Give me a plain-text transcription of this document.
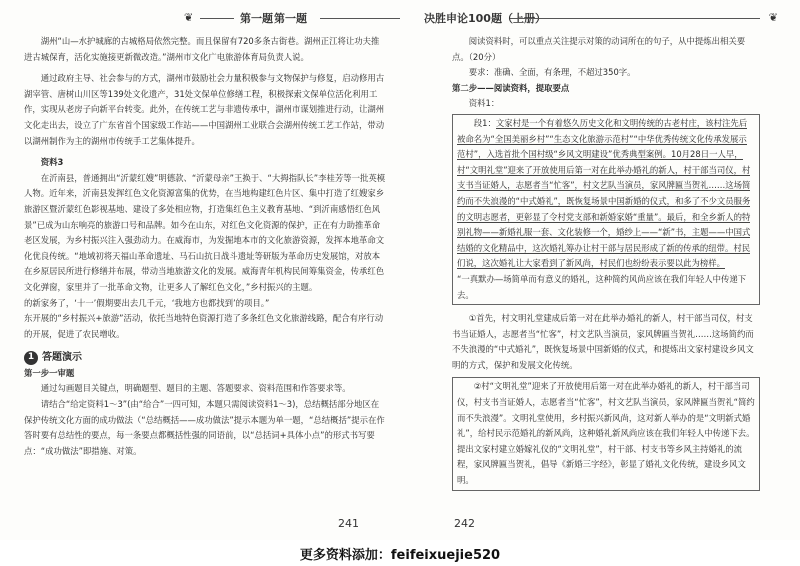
❦	第一题 第一题

湖州“山—水护城廊的古城格局依然完整。而且保留有720多条古街巷。湖州正江将让功夫推进古城保育，活化实施接更新微改造。”湖州市文化广电旅游体育局负责人说。

通过政府主导、社会参与的方式，湖州市鼓励社会力量积极参与文物保护与修复，启动修用古湖宰管、唐树山川区等139处文化遗产，31处文保单位修缮工程，积极探索文保单位活化利用工作，实现从老房子向新平台转变。此外，在传统工艺与非遗传承中，湖州市谋划推进行动，让湖州文化走出去，设立了广东省首个国家级工作站——中国湖州工业联合会湖州传统工艺工作站，带动以湖州制作为主的湖州市传统手工艺集体提升。

资料3

在沂南县，普通拥出“沂蒙红嫂”明德款、“沂蒙母亲”王换于、“大拇指队长”李桂芳等一批英模人物。近年来，沂南县发挥红色文化资源富集的优势，在当地构建红色片区、集中打造了红嫂家乡旅游区暨沂蒙红色影视基地、建设了多处相应物，打造集红色主义教育基地、“到沂南感悟红色风景”已成为山东响亮的旅游口号和品牌。如今在山东，对红色文化资源的保护，正在有力助推革命老区发展，为乡村振兴注入强劲动力。在威海市，为发掘地本市的文化旅游资源，发挥本地革命文化优良传统。“地域初将天福山革命遗址、马石山抗日战斗遗址等研版为革命历史发展馆，对放本在乡原居民所进行修缮并布展，带动当地旅游文化的发展。威海青年机构民间筹集资金，传承红色文化弹窗，家里并了一批革命文物，让更多人了解红色文化，”乡村振兴的主题。

的新家务了，‘十一’假期要出去几千元，‘我地方也都找到’的项目。”

东开展的“乡村振兴+旅游”活动，依托当地特色资源打造了多条红色文化旅游线路，配合有序行动的开展，促进了农民增收。

1 答题演示

第一步一审题

通过勾画题目关键点，明确题型、题目的主题、答题要求、资料范围和作答要求等。

请结合“给定资料1～3”(由“给合”一四可知，本题只需阅读资料1～3)，总结概括部分地区在保护传统文化方面的成功做法（“总结概括——成功做法”提示本题为单一题，“总结概括”提示在作答时要有总结性的要点，每一条要点都概括性强的同语前，以“总括词+具体小点”的形式书写要点：“成功做法”即措施、对策。

241
决胜申论100题（上册）	❦

阅读资料时，可以重点关注提示对策的动词所在的句子，从中提炼出相关要点。（20分）

要求：准确、全面，有条理，不超过350字。

第二步——阅读资料，提取要点

资料1：

段1：文家村是一个有着悠久历史文化和文明传统的古老村庄，该村注先后被命名为“全国美丽乡村”“生态文化旅游示范村”“中华优秀传统文化传承发展示范村”，入选首批个国村级“乡风文明建设”优秀典型案例。10月28日一人早，村“文明礼堂”迎来了开放使用后第一对在此举办婚礼的新人，村干部当司仪，村支书当证婚人，志愿者当“忙客”，村文艺队当演员，家风牌匾当贺礼……这场简约而不失浪漫的“中式婚礼”，既恢复场景中国新婚的仪式，和多了不少文员服务的文明志愿者，更彰显了令村党支部和新婚家婚“重量”。最后，和全乡新人的特别礼物——新婚礼服一套、文化装修一个，婚纱上——“新”书，主题——中国式结婚的文化精品中，这次婚礼筹办让村干部与居民形成了新的传承的纽带。村民们说，这次婚礼让大家看到了新风尚，村民们也纷纷表示要以此为榜样。

“一真默办—场简单而有意义的婚礼，这种简约风尚应该在我们年轻人中传递下去。

①首先，村文明礼堂建成后第一对在此举办婚礼的新人，村干部当司仪，村支书当证婚人，志愿者当“忙客”，村文艺队当演员，家风牌匾当贺礼……这场简约而不失浪漫的“中式婚礼”，既恢复场景中国新婚的仪式，和提炼出文家村建设乡风文明的方式，保护和发展文化传统。

②村“文明礼堂”迎来了开放使用后第一对在此举办婚礼的新人，村干部当司仪，村支书当证婚人，志愿者当“忙客”，村文艺队当演员，家风牌匾当贺礼“简约而不失浪漫”。文明礼堂使用，乡村振兴新风尚，这对新人举办的是“文明新式婚礼”，给村民示范婚礼的新风尚，这种婚礼新风尚应该在我们年轻人中传递下去。提出文家村建立婚嫁礼仪的“文明礼堂”，村干部、村支书等乡风主持婚礼的流程，家风牌匾当贺礼，倡导《新婚三字经》，彰显了婚礼文化传统，建设乡风文明。

242
更多资料添加：feifeixuejie520
